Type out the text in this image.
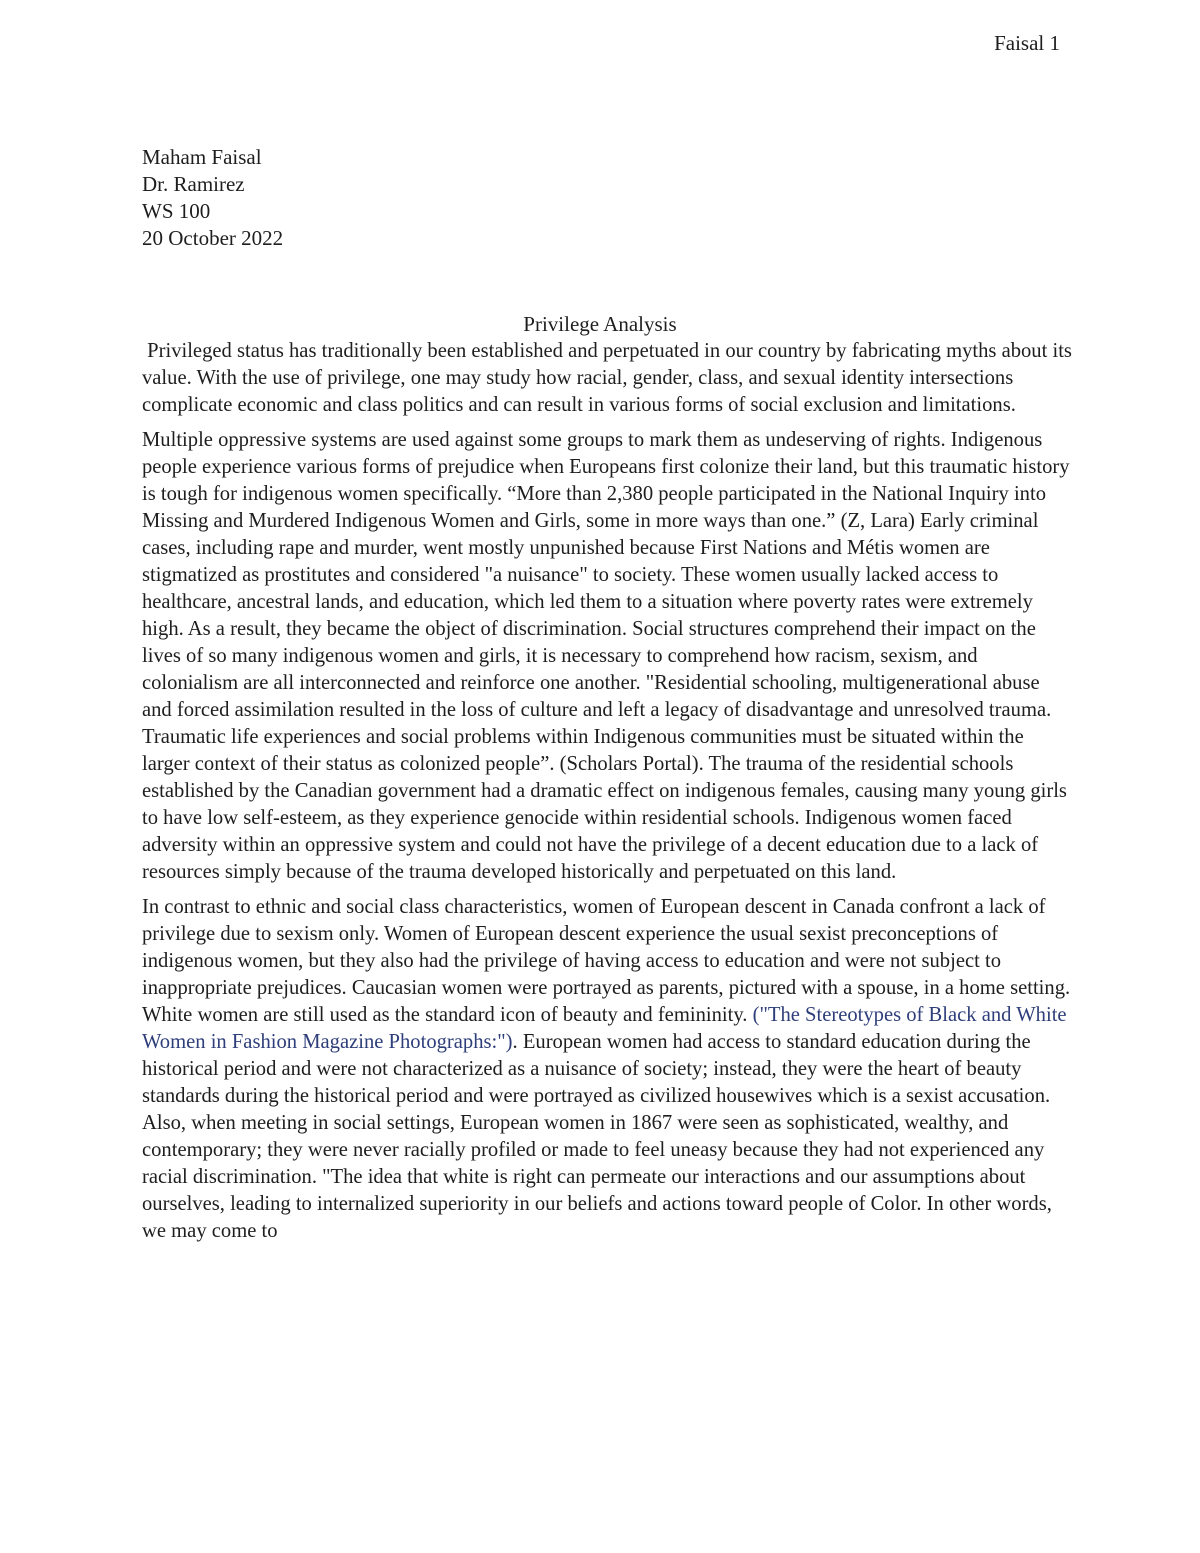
Faisal 1
Maham Faisal
Dr. Ramirez
WS 100
20 October 2022
Privilege Analysis

Privileged status has traditionally been established and perpetuated in our country by fabricating myths about its value. With the use of privilege, one may study how racial, gender, class, and sexual identity intersections complicate economic and class politics and can result in various forms of social exclusion and limitations.

Multiple oppressive systems are used against some groups to mark them as undeserving of rights. Indigenous people experience various forms of prejudice when Europeans first colonize their land, but this traumatic history is tough for indigenous women specifically. “More than 2,380 people participated in the National Inquiry into Missing and Murdered Indigenous Women and Girls, some in more ways than one.” (Z, Lara) Early criminal cases, including rape and murder, went mostly unpunished because First Nations and Métis women are stigmatized as prostitutes and considered "a nuisance" to society. These women usually lacked access to healthcare, ancestral lands, and education, which led them to a situation where poverty rates were extremely high. As a result, they became the object of discrimination. Social structures comprehend their impact on the lives of so many indigenous women and girls, it is necessary to comprehend how racism, sexism, and colonialism are all interconnected and reinforce one another. "Residential schooling, multigenerational abuse and forced assimilation resulted in the loss of culture and left a legacy of disadvantage and unresolved trauma. Traumatic life experiences and social problems within Indigenous communities must be situated within the larger context of their status as colonized people”. (Scholars Portal). The trauma of the residential schools established by the Canadian government had a dramatic effect on indigenous females, causing many young girls to have low self-esteem, as they experience genocide within residential schools. Indigenous women faced adversity within an oppressive system and could not have the privilege of a decent education due to a lack of resources simply because of the trauma developed historically and perpetuated on this land.

In contrast to ethnic and social class characteristics, women of European descent in Canada confront a lack of privilege due to sexism only. Women of European descent experience the usual sexist preconceptions of indigenous women, but they also had the privilege of having access to education and were not subject to inappropriate prejudices. Caucasian women were portrayed as parents, pictured with a spouse, in a home setting. White women are still used as the standard icon of beauty and femininity. ("The Stereotypes of Black and White Women in Fashion Magazine Photographs:"). European women had access to standard education during the historical period and were not characterized as a nuisance of society; instead, they were the heart of beauty standards during the historical period and were portrayed as civilized housewives which is a sexist accusation. Also, when meeting in social settings, European women in 1867 were seen as sophisticated, wealthy, and contemporary; they were never racially profiled or made to feel uneasy because they had not experienced any racial discrimination. "The idea that white is right can permeate our interactions and our assumptions about ourselves, leading to internalized superiority in our beliefs and actions toward people of Color. In other words, we may come to
